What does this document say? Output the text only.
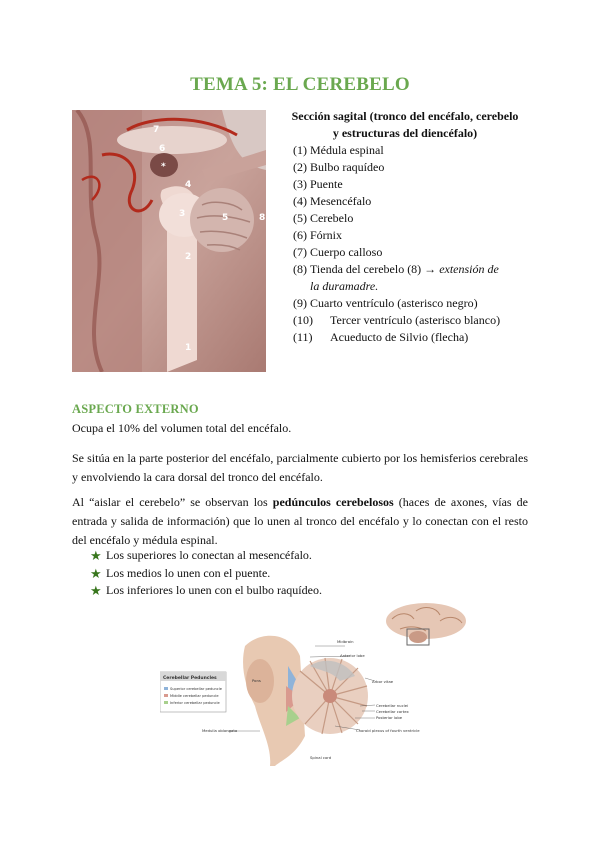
TEMA 5: EL CEREBELO
1
2
3
4
5
6
7
8
*
Sección sagital (tronco del encéfalo, cerebelo
y estructuras del diencéfalo)
(1) Médula espinal
(2) Bulbo raquídeo
(3) Puente
(4) Mesencéfalo
(5) Cerebelo
(6) Fórnix
(7) Cuerpo calloso
(8) Tienda del cerebelo (8) → extensión de
la duramadre.
(9) Cuarto ventrículo (asterisco negro)
(10)	Tercer ventrículo (asterisco blanco)
(11)	Acueducto de Silvio (flecha)
ASPECTO EXTERNO
Ocupa el 10% del volumen total del encéfalo.
Se sitúa en la parte posterior del encéfalo, parcialmente cubierto por los hemisferios cerebrales y envolviendo la cara dorsal del tronco del encéfalo.
Al “aislar el cerebelo” se observan los pedúnculos cerebelosos (haces de axones, vías de entrada y salida de información) que lo unen al tronco del encéfalo y lo conectan con el resto del encéfalo y médula espinal.
★ Los superiores lo conectan al mesencéfalo.
★ Los medios lo unen con el puente.
★ Los inferiores lo unen con el bulbo raquídeo.
Cerebellar Peduncles
Superior cerebellar peduncle
Middle cerebellar peduncle
Inferior cerebellar peduncle
Pons
Medulla oblongata
Midbrain
Anterior lobe
Arbor vitae
Cerebellar nuclei
Cerebellar cortex
Posterior lobe
Choroid plexus of fourth ventricle
Spinal cord
